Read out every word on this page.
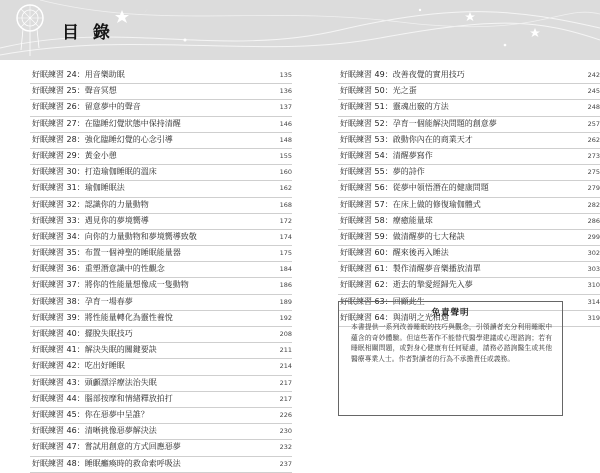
目 錄
好眠練習 24：用音樂助眠	135
好眠練習 25：聲音冥想	136
好眠練習 26：留意夢中的聲音	137
好眠練習 27：在臨睡幻覺狀態中保持清醒	146
好眠練習 28：強化臨睡幻覺的心念引導	148
好眠練習 29：黃金小憩	155
好眠練習 30：打造瑜伽睡眠的溫床	160
好眠練習 31：瑜伽睡眠法	162
好眠練習 32：認識你的力量動物	168
好眠練習 33：遇見你的夢境嚮導	172
好眠練習 34：向你的力量動物和夢境嚮導致敬	174
好眠練習 35：布置一個神聖的睡眠能量器	175
好眠練習 36：重塑潛意識中的性觀念	184
好眠練習 37：將你的性能量想像成一隻動物	186
好眠練習 38：孕育一場春夢	189
好眠練習 39：將性能量轉化為靈性養悅	192
好眠練習 40：擺脫失眠技巧	208
好眠練習 41：解決失眠的關鍵要訣	211
好眠練習 42：吃出好睡眠	214
好眠練習 43：頭顱漂浮療法治失眠	217
好眠練習 44：腦部按摩和情緒釋放拍打	217
好眠練習 45：你在惡夢中呈誰？	226
好眠練習 46：清晰挑像惡夢解決法	230
好眠練習 47：嘗試用創意的方式回應惡夢	232
好眠練習 48：睡眠癱瘓時的救命索呼吸法	237
好眠練習 49：改善夜覺的實用技巧	242
好眠練習 50：光之蛋	245
好眠練習 51：靈魂出竅的方法	248
好眠練習 52：孕育一個能解決問題的創意夢	257
好眠練習 53：啟動你內在的商業天才	262
好眠練習 54：清醒夢寫作	273
好眠練習 55：夢的詩作	275
好眠練習 56：從夢中領悟潛在的健康問題	279
好眠練習 57：在床上做的修復瑜伽體式	282
好眠練習 58：療癒能量球	286
好眠練習 59：做清醒夢的七大秘訣	299
好眠練習 60：醒來後再入睡法	302
好眠練習 61：製作清醒夢音樂播放清單	303
好眠練習 62：逝去的摯愛經歸先入夢	310
好眠練習 63：回顧此生	314
好眠練習 64：與清明之光相遇	319
免責聲明
本書提供一系列改善睡眠的技巧與觀念，引領讀者充分利用睡眠中蘊含的奇妙體驗。但這些著作不能替代醫學建議或心理諮詢；若有睡眠相關問題，或對身心健康有任何疑慮，請務必諮詢醫生或其他醫療專業人士。作者對讀者的行為不承擔責任或義務。
